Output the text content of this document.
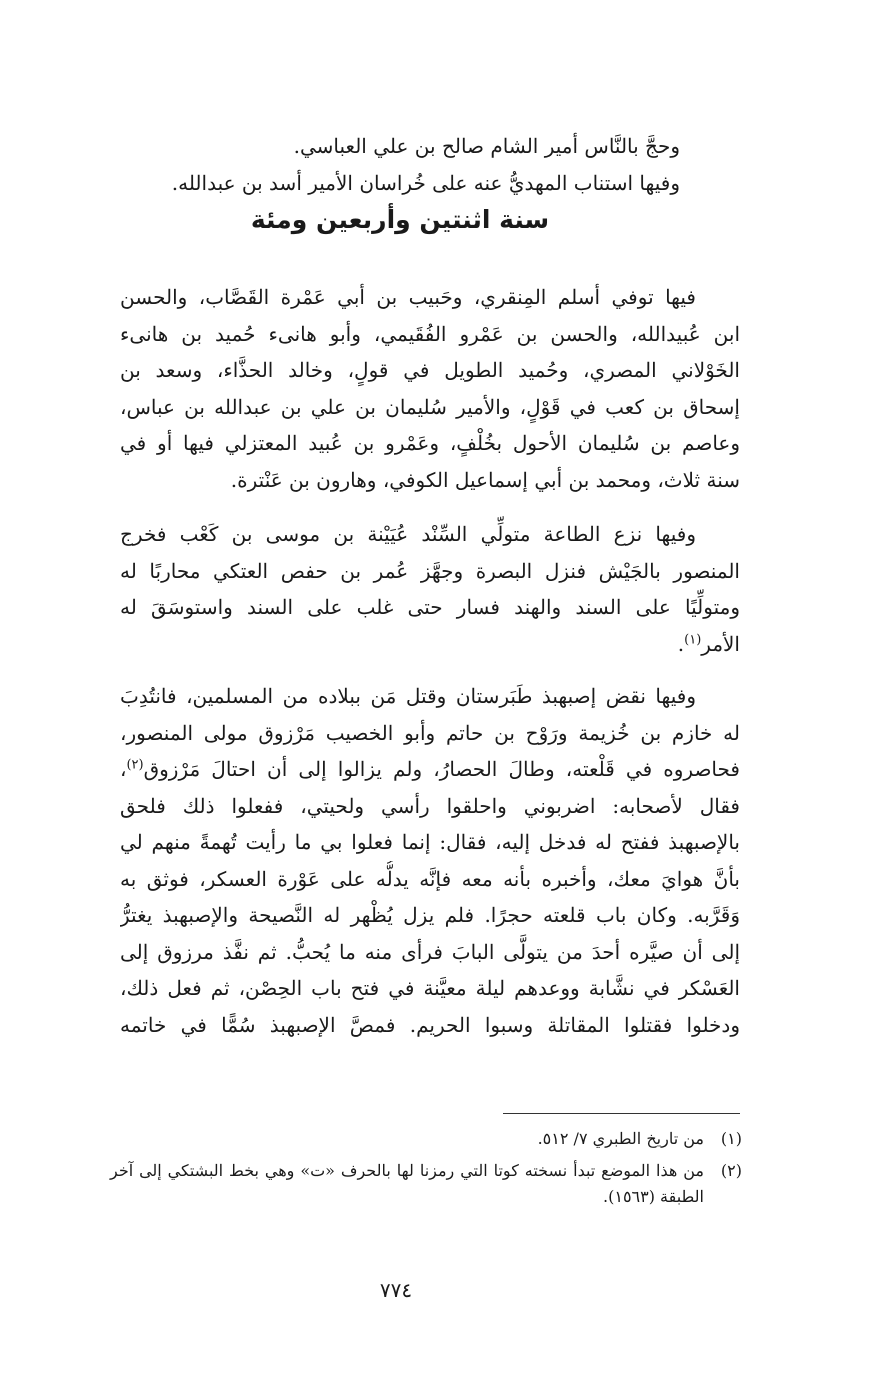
وحجَّ بالنَّاس أمير الشام صالح بن علي العباسي.
وفيها استناب المهديُّ عنه على خُراسان الأمير أسد بن عبدالله.
سنة اثنتين وأربعين ومئة
فيها توفي أسلم المِنقري، وحَبيب بن أبي عَمْرة القَصَّاب، والحسن
ابن عُبيدالله، والحسن بن عَمْرو الفُقَيمي، وأبو هانىء حُميد بن هانىء
الخَوْلاني المصري، وحُميد الطويل في قولٍ، وخالد الحذَّاء، وسعد بن
إسحاق بن كعب في قَوْلٍ، والأمير سُليمان بن علي بن عبدالله بن عباس،
وعاصم بن سُليمان الأحول بخُلْفٍ، وعَمْرو بن عُبيد المعتزلي فيها أو في
سنة ثلاث، ومحمد بن أبي إسماعيل الكوفي، وهارون بن عَنْترة.
وفيها نزع الطاعة متولِّي السِّنْد عُيَيْنة بن موسى بن كَعْب فخرج
المنصور بالجَيْش فنزل البصرة وجهَّز عُمر بن حفص العتكي محاربًا له
ومتولِّيًا على السند والهند فسار حتى غلب على السند واستوسَقَ له
الأمر$^{(١)}$.
وفيها نقض إصبهبذ طَبَرستان وقتل مَن ببلاده من المسلمين، فانتُدِبَ
له خازم بن خُزيمة ورَوْح بن حاتم وأبو الخصيب مَرْزوق مولى المنصور،
فحاصروه في قَلْعته، وطالَ الحصارُ، ولم يزالوا إلى أن احتالَ مَرْزوق$^{(٢)}$،
فقال لأصحابه: اضربوني واحلقوا رأسي ولحيتي، ففعلوا ذلك فلحق
بالإصبهبذ ففتح له فدخل إليه، فقال: إنما فعلوا بي ما رأيت تُهمةً منهم لي
بأنَّ هوايَ معك، وأخبره بأنه معه فإنَّه يدلُّه على عَوْرة العسكر، فوثق به
وَقَرَّبه. وكان باب قلعته حجرًا. فلم يزل يُظْهر له النَّصيحة والإصبهبذ يغترُّ
إلى أن صيَّره أحدَ من يتولَّى البابَ فرأى منه ما يُحبُّ. ثم نفَّذ مرزوق إلى
العَسْكر في نشَّابة ووعدهم ليلة معيَّنة في فتح باب الحِصْن، ثم فعل ذلك،
ودخلوا فقتلوا المقاتلة وسبوا الحريم. فمصَّ الإصبهبذ سُمًّا في خاتمه
(١)
من تاريخ الطبري ٧/ ٥١٢.
(٢)
من هذا الموضع تبدأ نسخته كوتا التي رمزنا لها بالحرف «ت» وهي بخط البشتكي إلى آخر الطبقة (١٥٦٣).
٧٧٤
